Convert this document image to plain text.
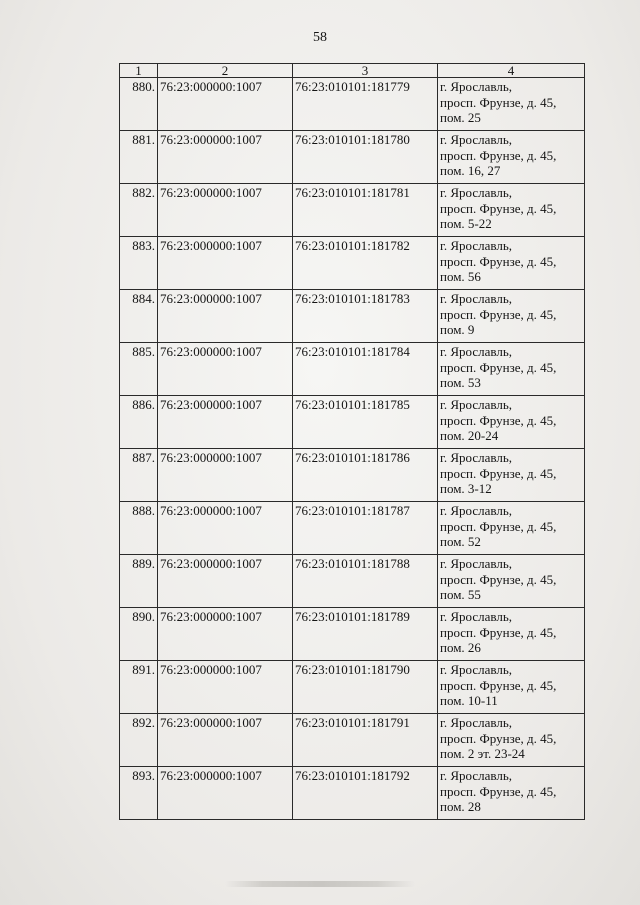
58
1	2	3	4
880.	76:23:000000:1007	76:23:010101:181779	г. Ярославль,
просп. Фрунзе, д. 45,
пом. 25

881.	76:23:000000:1007	76:23:010101:181780	г. Ярославль,
просп. Фрунзе, д. 45,
пом. 16, 27

882.	76:23:000000:1007	76:23:010101:181781	г. Ярославль,
просп. Фрунзе, д. 45,
пом. 5-22

883.	76:23:000000:1007	76:23:010101:181782	г. Ярославль,
просп. Фрунзе, д. 45,
пом. 56

884.	76:23:000000:1007	76:23:010101:181783	г. Ярославль,
просп. Фрунзе, д. 45,
пом. 9

885.	76:23:000000:1007	76:23:010101:181784	г. Ярославль,
просп. Фрунзе, д. 45,
пом. 53

886.	76:23:000000:1007	76:23:010101:181785	г. Ярославль,
просп. Фрунзе, д. 45,
пом. 20-24

887.	76:23:000000:1007	76:23:010101:181786	г. Ярославль,
просп. Фрунзе, д. 45,
пом. 3-12

888.	76:23:000000:1007	76:23:010101:181787	г. Ярославль,
просп. Фрунзе, д. 45,
пом. 52

889.	76:23:000000:1007	76:23:010101:181788	г. Ярославль,
просп. Фрунзе, д. 45,
пом. 55

890.	76:23:000000:1007	76:23:010101:181789	г. Ярославль,
просп. Фрунзе, д. 45,
пом. 26

891.	76:23:000000:1007	76:23:010101:181790	г. Ярославль,
просп. Фрунзе, д. 45,
пом. 10-11

892.	76:23:000000:1007	76:23:010101:181791	г. Ярославль,
просп. Фрунзе, д. 45,
пом. 2 эт. 23-24

893.	76:23:000000:1007	76:23:010101:181792	г. Ярославль,
просп. Фрунзе, д. 45,
пом. 28
